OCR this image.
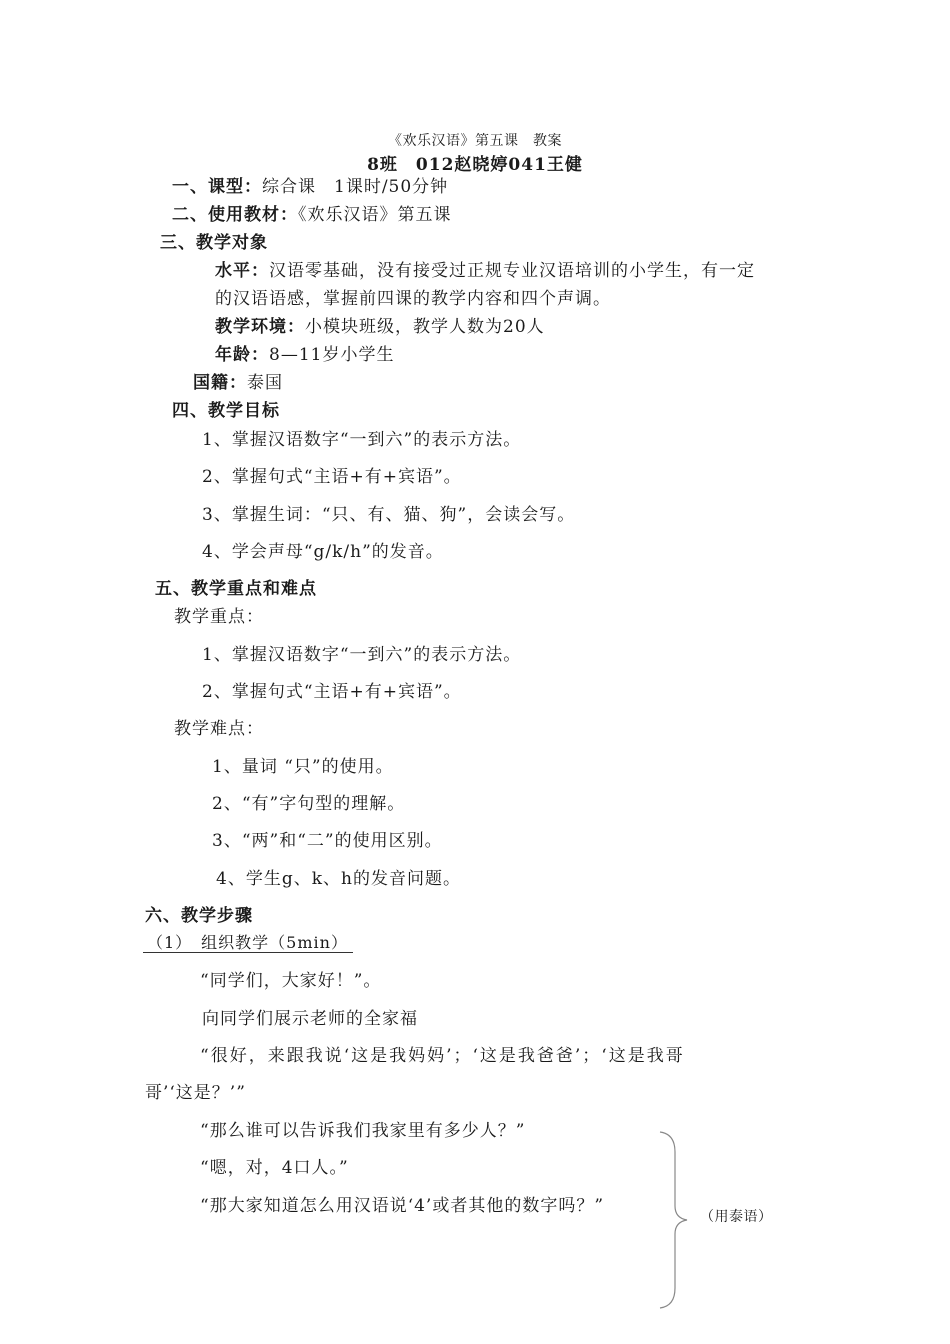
《欢乐汉语》第五课　教案
8班　012赵晓婷041王健
一、课型：综合课　1课时/50分钟
二、使用教材：《欢乐汉语》第五课
三、教学对象
水平：汉语零基础，没有接受过正规专业汉语培训的小学生，有一定
的汉语语感，掌握前四课的教学内容和四个声调。
教学环境：小模块班级，教学人数为20人
年龄：8—11岁小学生
国籍：泰国
四、教学目标
1、掌握汉语数字“一到六”的表示方法。
2、掌握句式“主语+有+宾语”。
3、掌握生词：“只、有、猫、狗”，会读会写。
4、学会声母“g/k/h”的发音。
五、教学重点和难点
教学重点：
1、掌握汉语数字“一到六”的表示方法。
2、掌握句式“主语+有+宾语”。
教学难点：
1、量词 “只”的使用。
2、“有”字句型的理解。
3、“两”和“二”的使用区别。
4、学生g、k、h的发音问题。
六、教学步骤
（1）　组织教学（5min）
“同学们，大家好！”。
向同学们展示老师的全家福
“很好，来跟我说‘这是我妈妈’；‘这是我爸爸’；‘这是我哥
哥’‘这是？’”
“那么谁可以告诉我们我家里有多少人？”
“嗯，对，4口人。”
“那大家知道怎么用汉语说‘4’或者其他的数字吗？”
（用泰语）
